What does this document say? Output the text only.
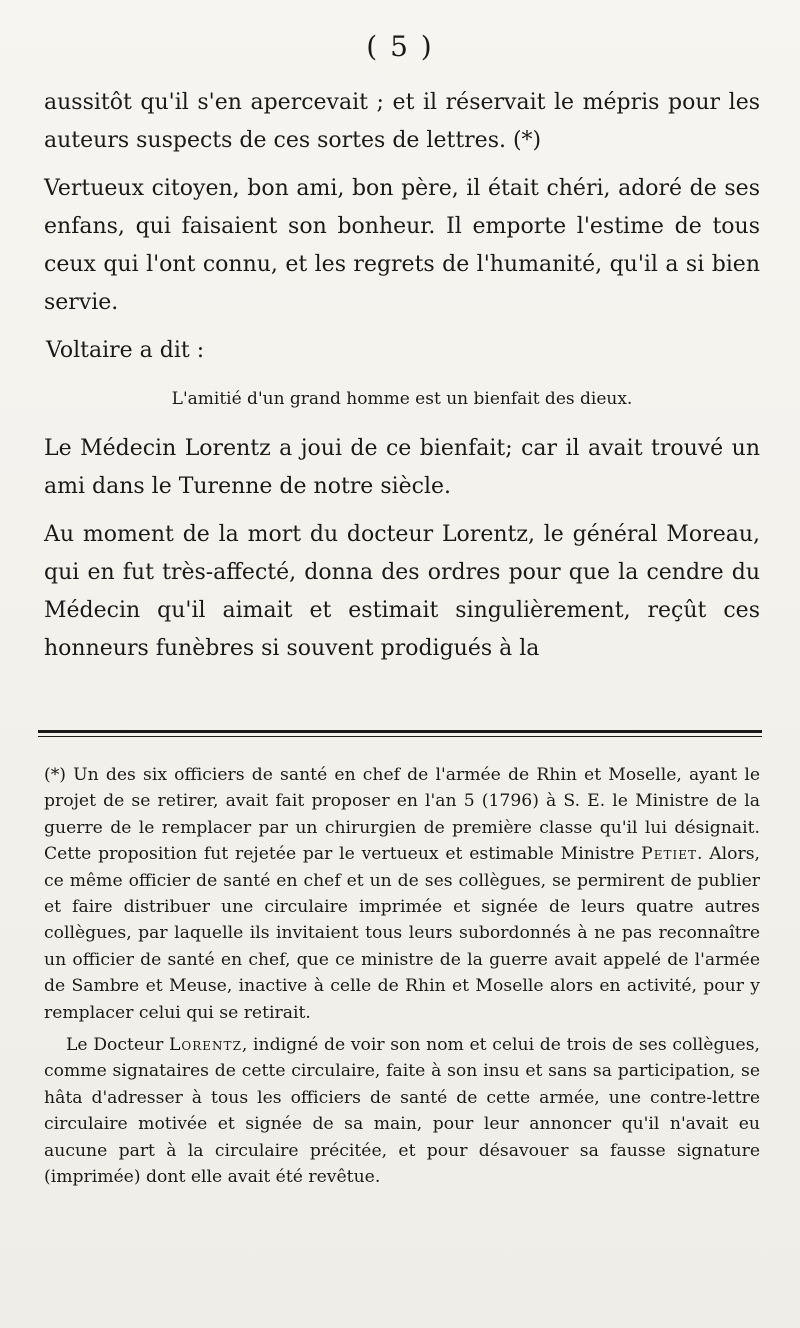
( 5 )

aussitôt qu'il s'en apercevait ; et il réservait le mépris pour les auteurs suspects de ces sortes de lettres. (*)

Vertueux citoyen, bon ami, bon père, il était chéri, adoré de ses enfans, qui faisaient son bonheur. Il emporte l'estime de tous ceux qui l'ont connu, et les regrets de l'humanité, qu'il a si bien servie.

Voltaire a dit :

L'amitié d'un grand homme est un bienfait des dieux.

Le Médecin Lorentz a joui de ce bienfait; car il avait trouvé un ami dans le Turenne de notre siècle.

Au moment de la mort du docteur Lorentz, le général Moreau, qui en fut très-affecté, donna des ordres pour que la cendre du Médecin qu'il aimait et estimait singulièrement, reçût ces honneurs funèbres si souvent prodigués à la

(*) Un des six officiers de santé en chef de l'armée de Rhin et Moselle, ayant le projet de se retirer, avait fait proposer en l'an 5 (1796) à S. E. le Ministre de la guerre de le remplacer par un chirurgien de première classe qu'il lui désignait. Cette proposition fut rejetée par le vertueux et estimable Ministre Petiet. Alors, ce même officier de santé en chef et un de ses collègues, se permirent de publier et faire distribuer une circulaire imprimée et signée de leurs quatre autres collègues, par laquelle ils invitaient tous leurs subordonnés à ne pas reconnaître un officier de santé en chef, que ce ministre de la guerre avait appelé de l'armée de Sambre et Meuse, inactive à celle de Rhin et Moselle alors en activité, pour y remplacer celui qui se retirait.

Le Docteur Lorentz, indigné de voir son nom et celui de trois de ses collègues, comme signataires de cette circulaire, faite à son insu et sans sa participation, se hâta d'adresser à tous les officiers de santé de cette armée, une contre-lettre circulaire motivée et signée de sa main, pour leur annoncer qu'il n'avait eu aucune part à la circulaire précitée, et pour désavouer sa fausse signature (imprimée) dont elle avait été revêtue.
